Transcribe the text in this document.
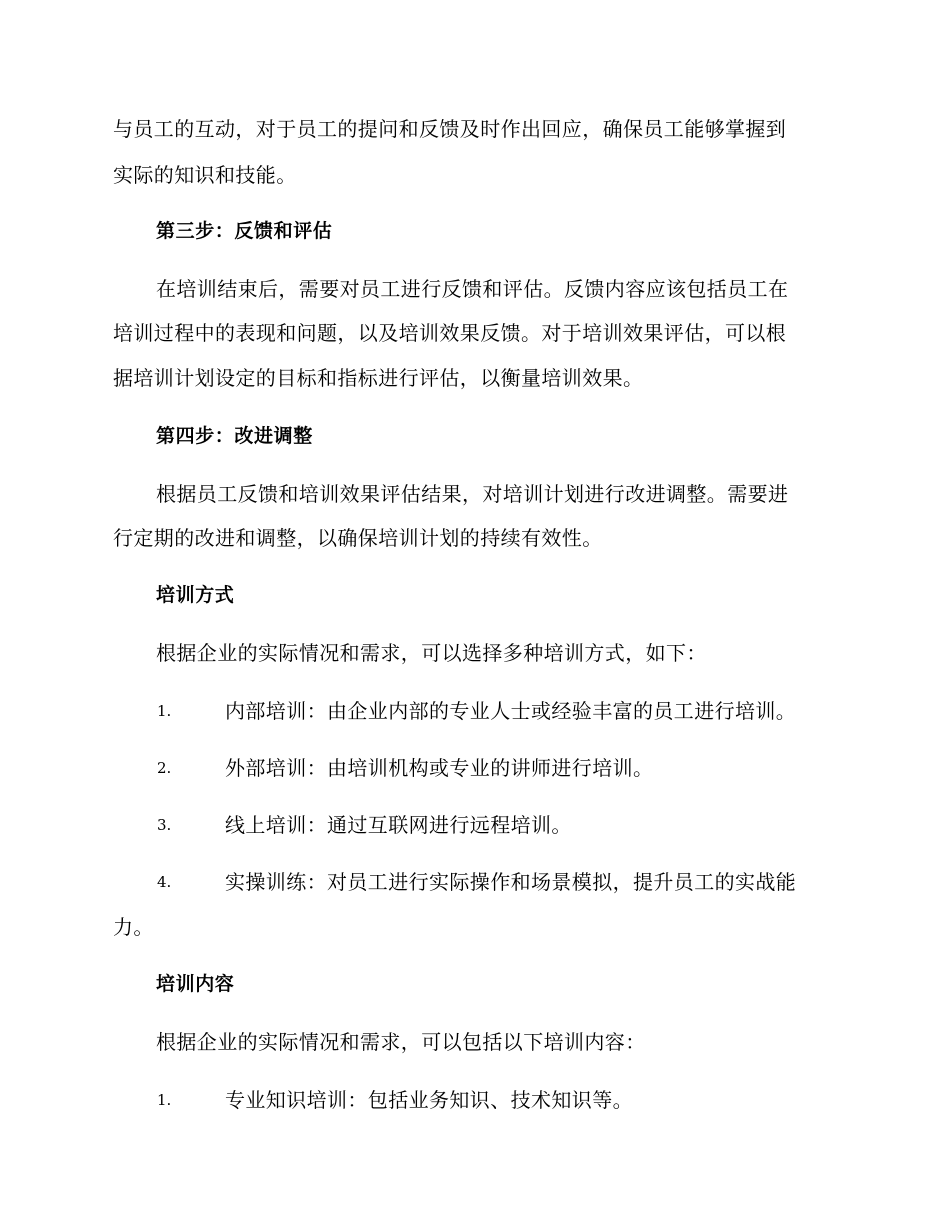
与员工的互动，对于员工的提问和反馈及时作出回应，确保员工能够掌握到
实际的知识和技能。
第三步：反馈和评估
在培训结束后，需要对员工进行反馈和评估。反馈内容应该包括员工在
培训过程中的表现和问题，以及培训效果反馈。对于培训效果评估，可以根
据培训计划设定的目标和指标进行评估，以衡量培训效果。
第四步：改进调整
根据员工反馈和培训效果评估结果，对培训计划进行改进调整。需要进
行定期的改进和调整，以确保培训计划的持续有效性。
培训方式
根据企业的实际情况和需求，可以选择多种培训方式，如下：
1.	内部培训：由企业内部的专业人士或经验丰富的员工进行培训。
2.	外部培训：由培训机构或专业的讲师进行培训。
3.	线上培训：通过互联网进行远程培训。
4.	实操训练：对员工进行实际操作和场景模拟，提升员工的实战能
力。
培训内容
根据企业的实际情况和需求，可以包括以下培训内容：
1.	专业知识培训：包括业务知识、技术知识等。
